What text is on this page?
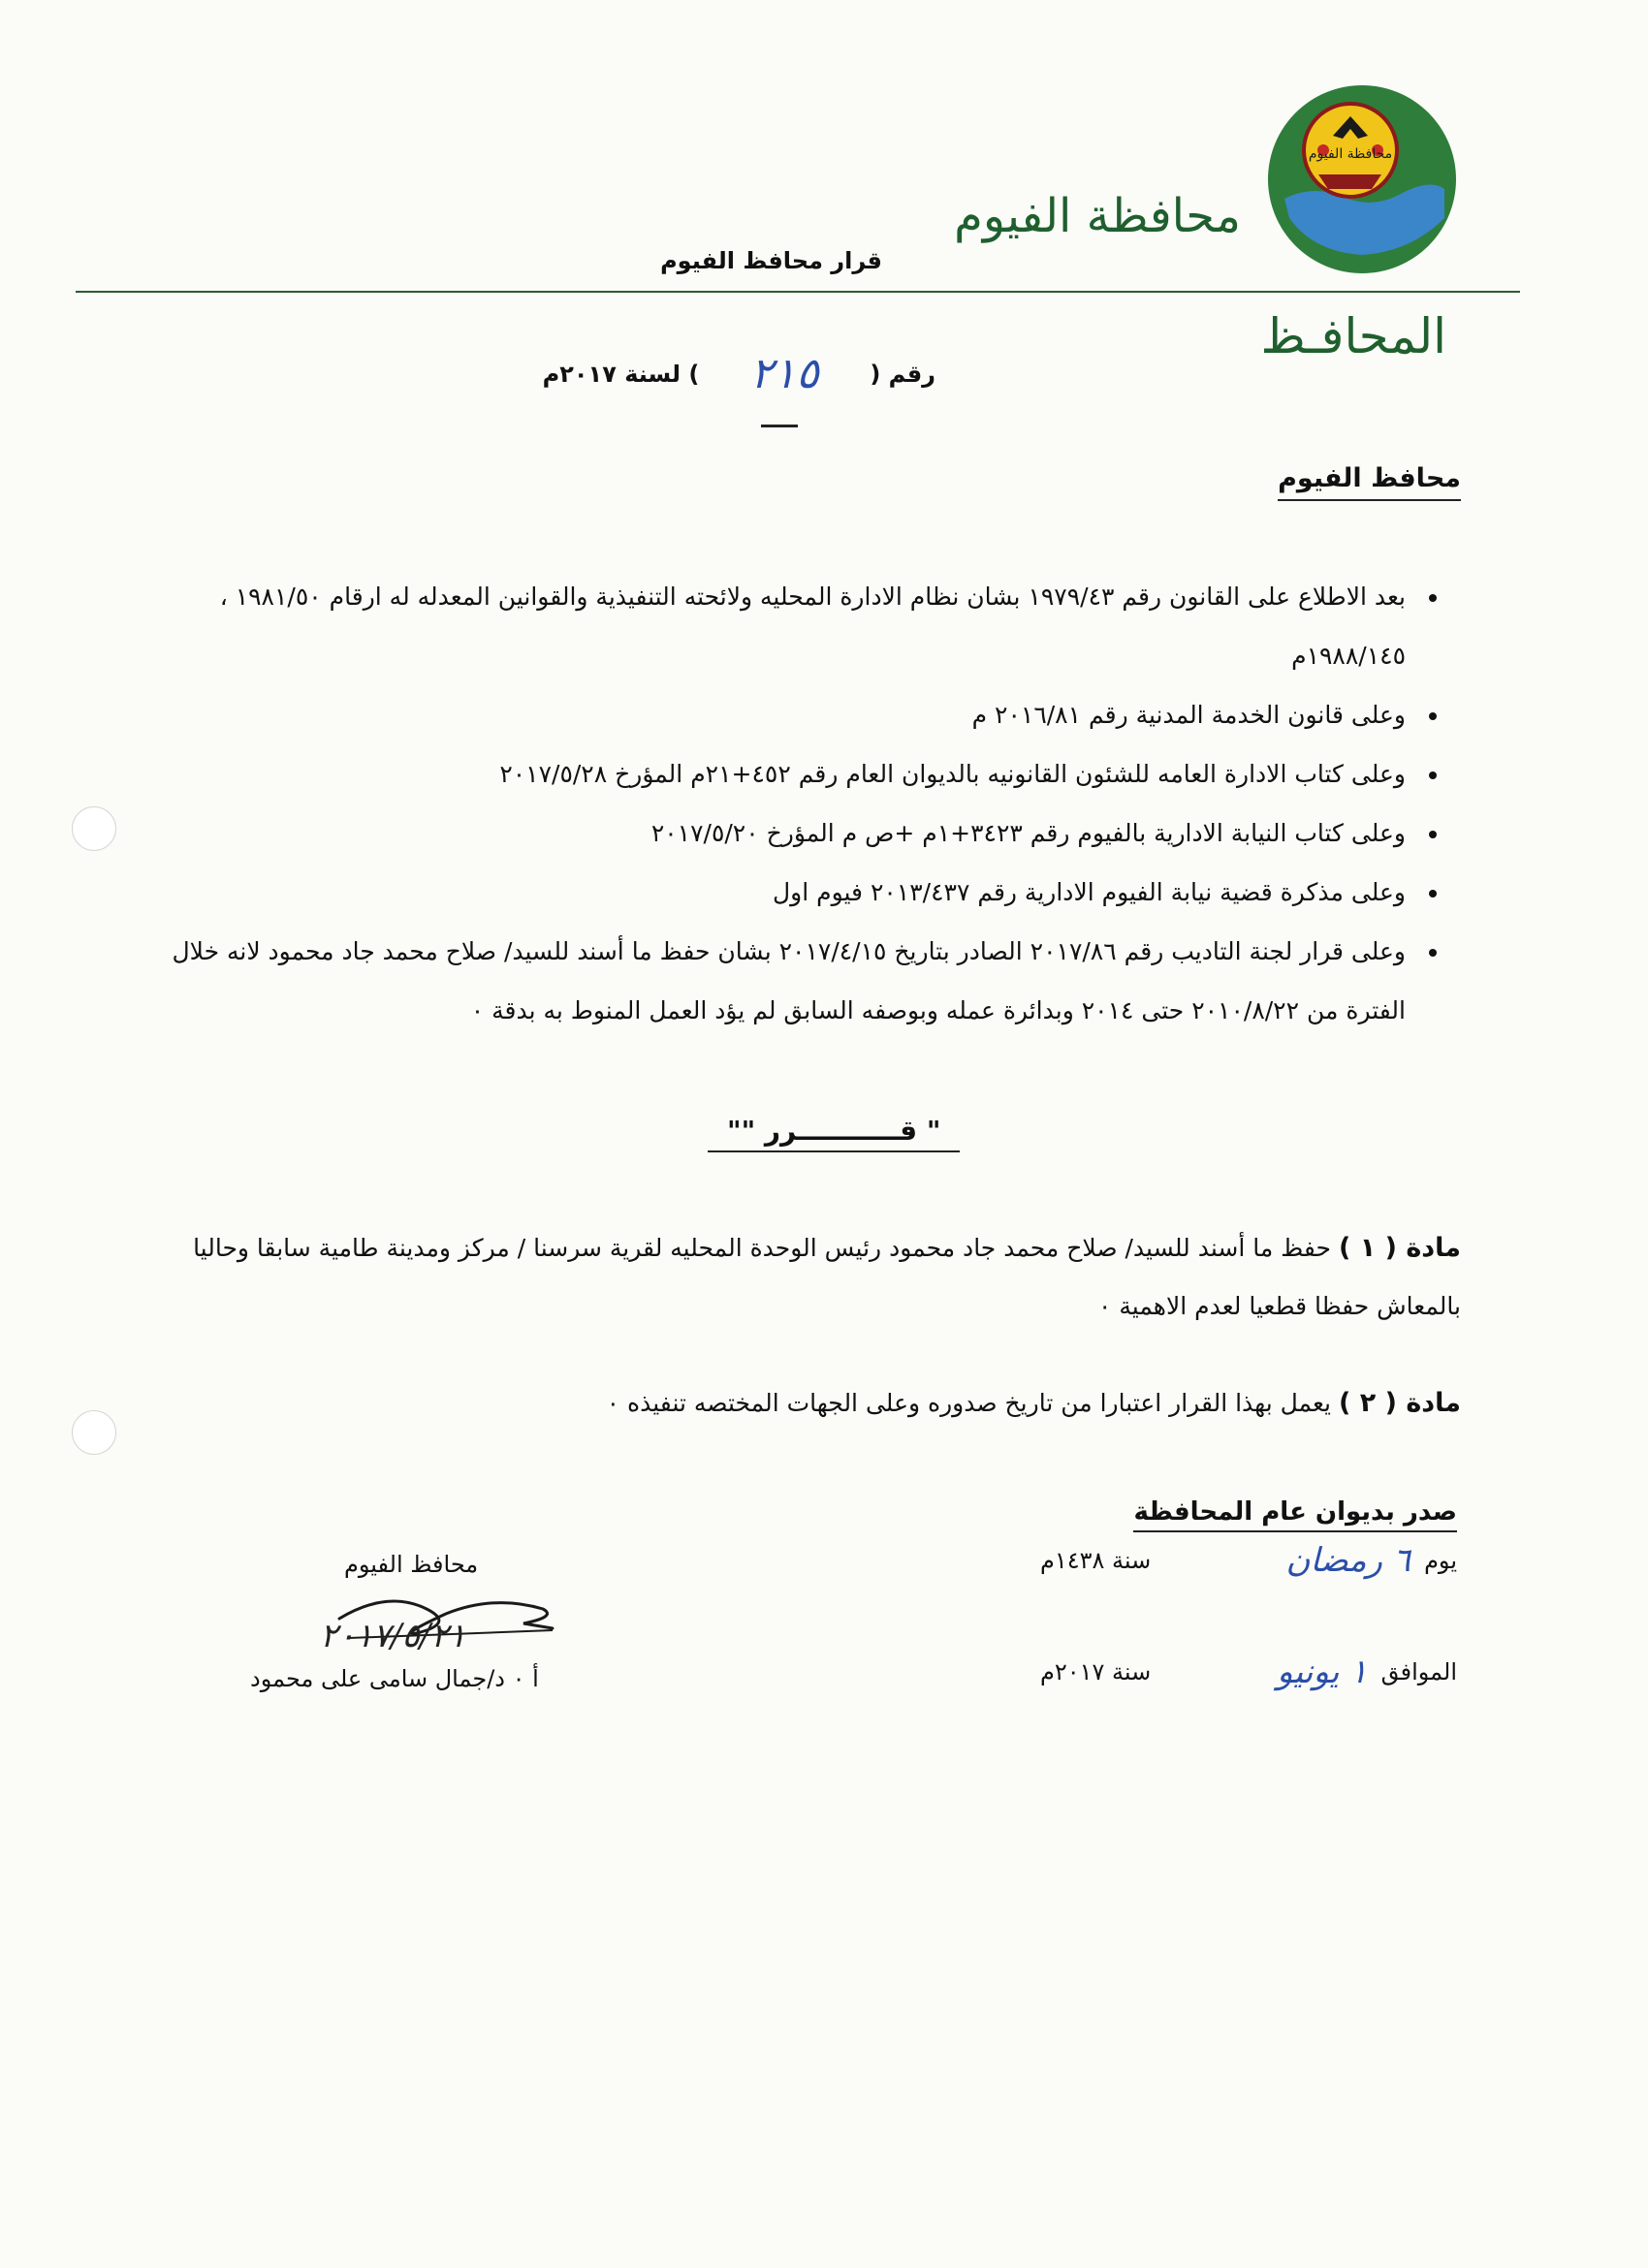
محافظة الفيوم
محافظة الفيوم
قرار محافظ الفيوم
المحافـظ
رقم (
٢١٥
) لسنة ٢٠١٧م
محافظ الفيوم
• بعد الاطلاع على القانون رقم ١٩٧٩/٤٣ بشان نظام الادارة المحليه ولائحته التنفيذية والقوانين المعدله له ارقام ١٩٨١/٥٠ ، ١٩٨٨/١٤٥م
• وعلى قانون الخدمة المدنية رقم ٢٠١٦/٨١ م
• وعلى كتاب الادارة العامه للشئون القانونيه بالديوان العام رقم ٤٥٢+٢١م المؤرخ ٢٠١٧/٥/٢٨
• وعلى كتاب النيابة الادارية بالفيوم رقم ٣٤٢٣+١م +ص م المؤرخ ٢٠١٧/٥/٢٠
• وعلى مذكرة قضية نيابة الفيوم الادارية رقم ٢٠١٣/٤٣٧ فيوم اول
• وعلى قرار لجنة التاديب رقم ٢٠١٧/٨٦ الصادر بتاريخ ٢٠١٧/٤/١٥ بشان حفظ ما أسند للسيد/ صلاح محمد جاد محمود لانه خلال الفترة من ٢٠١٠/٨/٢٢ حتى ٢٠١٤ وبدائرة عمله وبوصفه السابق لم يؤد العمل المنوط به بدقة ٠
" قـــــــــــرر ""
مادة ( ١ ) حفظ ما أسند للسيد/ صلاح محمد جاد محمود رئيس الوحدة المحليه لقرية سرسنا / مركز ومدينة طامية سابقا وحاليا بالمعاش حفظا قطعيا لعدم الاهمية ٠
مادة ( ٢ ) يعمل بهذا القرار اعتبارا من تاريخ صدوره وعلى الجهات المختصه تنفيذه ٠
صدر بديوان عام المحافظة
يوم
٦ رمضان
سنة ١٤٣٨م
الموافق
١ يونيو
سنة ٢٠١٧م
محافظ الفيوم
٢٠١٧/٥/٢١
أ ٠ د/جمال سامى على محمود
